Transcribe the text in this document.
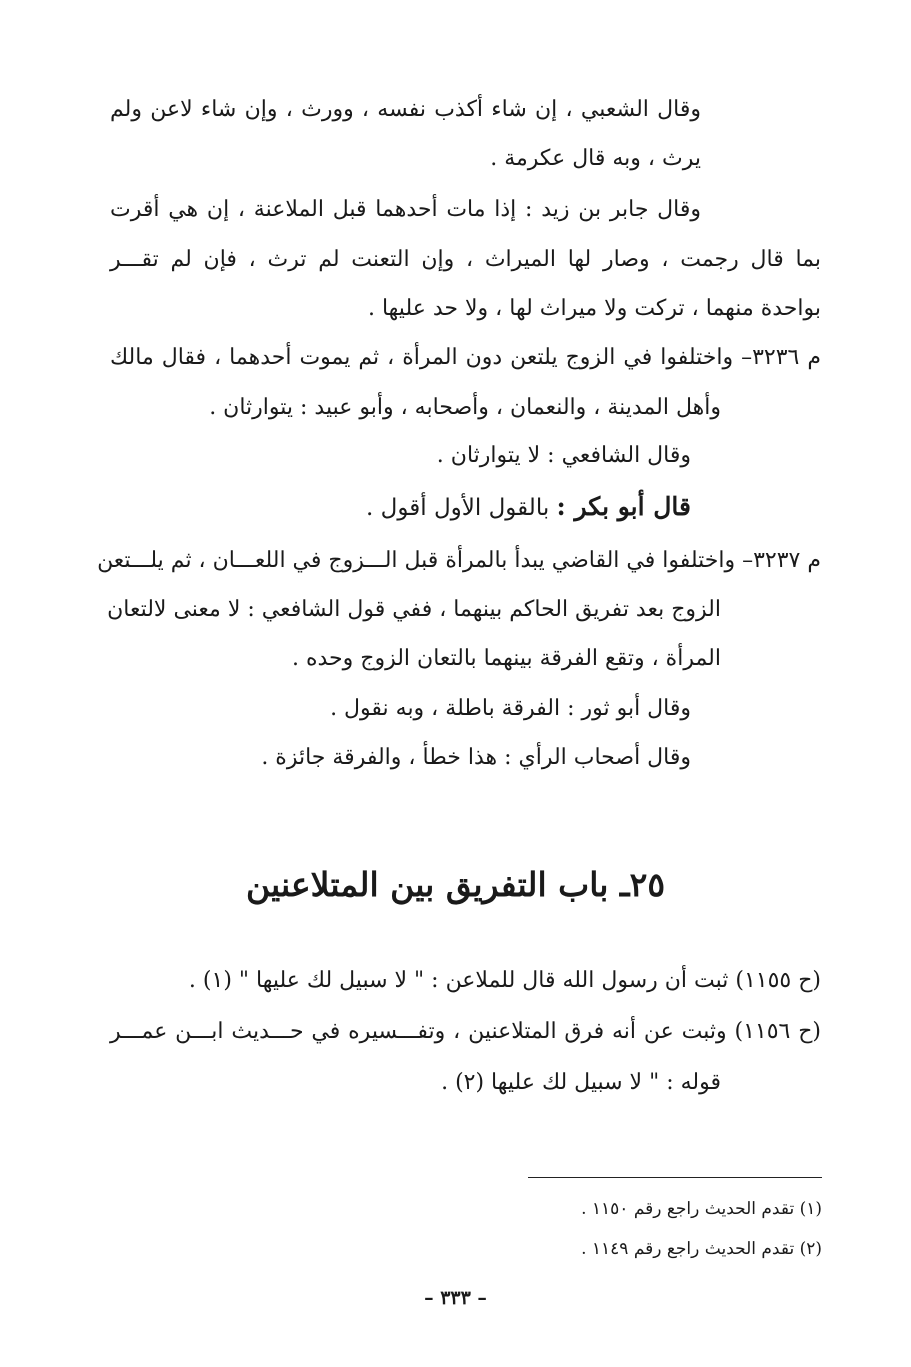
وقال الشعبي ، إن شاء أكذب نفسه ، وورث ، وإن شاء لاعن ولم
يرث ، وبه قال عكرمة .
وقال جابر بن زيد : إذا مات أحدهما قبل الملاعنة ، إن هي أقرت
بما قال رجمت ، وصار لها الميراث ، وإن التعنت لم ترث ، فإن لم تقـــر
بواحدة منهما ، تركت ولا ميراث لها ، ولا حد عليها .
م ٣٢٣٦– واختلفوا في الزوج يلتعن دون المرأة ، ثم يموت أحدهما ، فقال مالك
وأهل المدينة ، والنعمان ، وأصحابه ، وأبو عبيد : يتوارثان .
وقال الشافعي : لا يتوارثان .
قال أبو بكر : بالقول الأول أقول .
م ٣٢٣٧– واختلفوا في القاضي يبدأ بالمرأة قبل الـــزوج في اللعـــان ، ثم يلـــتعن
الزوج بعد تفريق الحاكم بينهما ، ففي قول الشافعي : لا معنى لالتعان
المرأة ، وتقع الفرقة بينهما بالتعان الزوج وحده .
وقال أبو ثور : الفرقة باطلة ، وبه نقول .
وقال أصحاب الرأي : هذا خطأ ، والفرقة جائزة .
٢٥ـ باب التفريق بين المتلاعنين
(ح ١١٥٥) ثبت أن رسول الله قال للملاعن : " لا سبيل لك عليها " (١) .
(ح ١١٥٦) وثبت عن أنه فرق المتلاعنين ، وتفـــسيره في حـــديث ابـــن عمـــر
قوله : " لا سبيل لك عليها (٢) .
(١) تقدم الحديث راجع رقم ١١٥٠ .
(٢) تقدم الحديث راجع رقم ١١٤٩ .
– ٣٣٣ –
